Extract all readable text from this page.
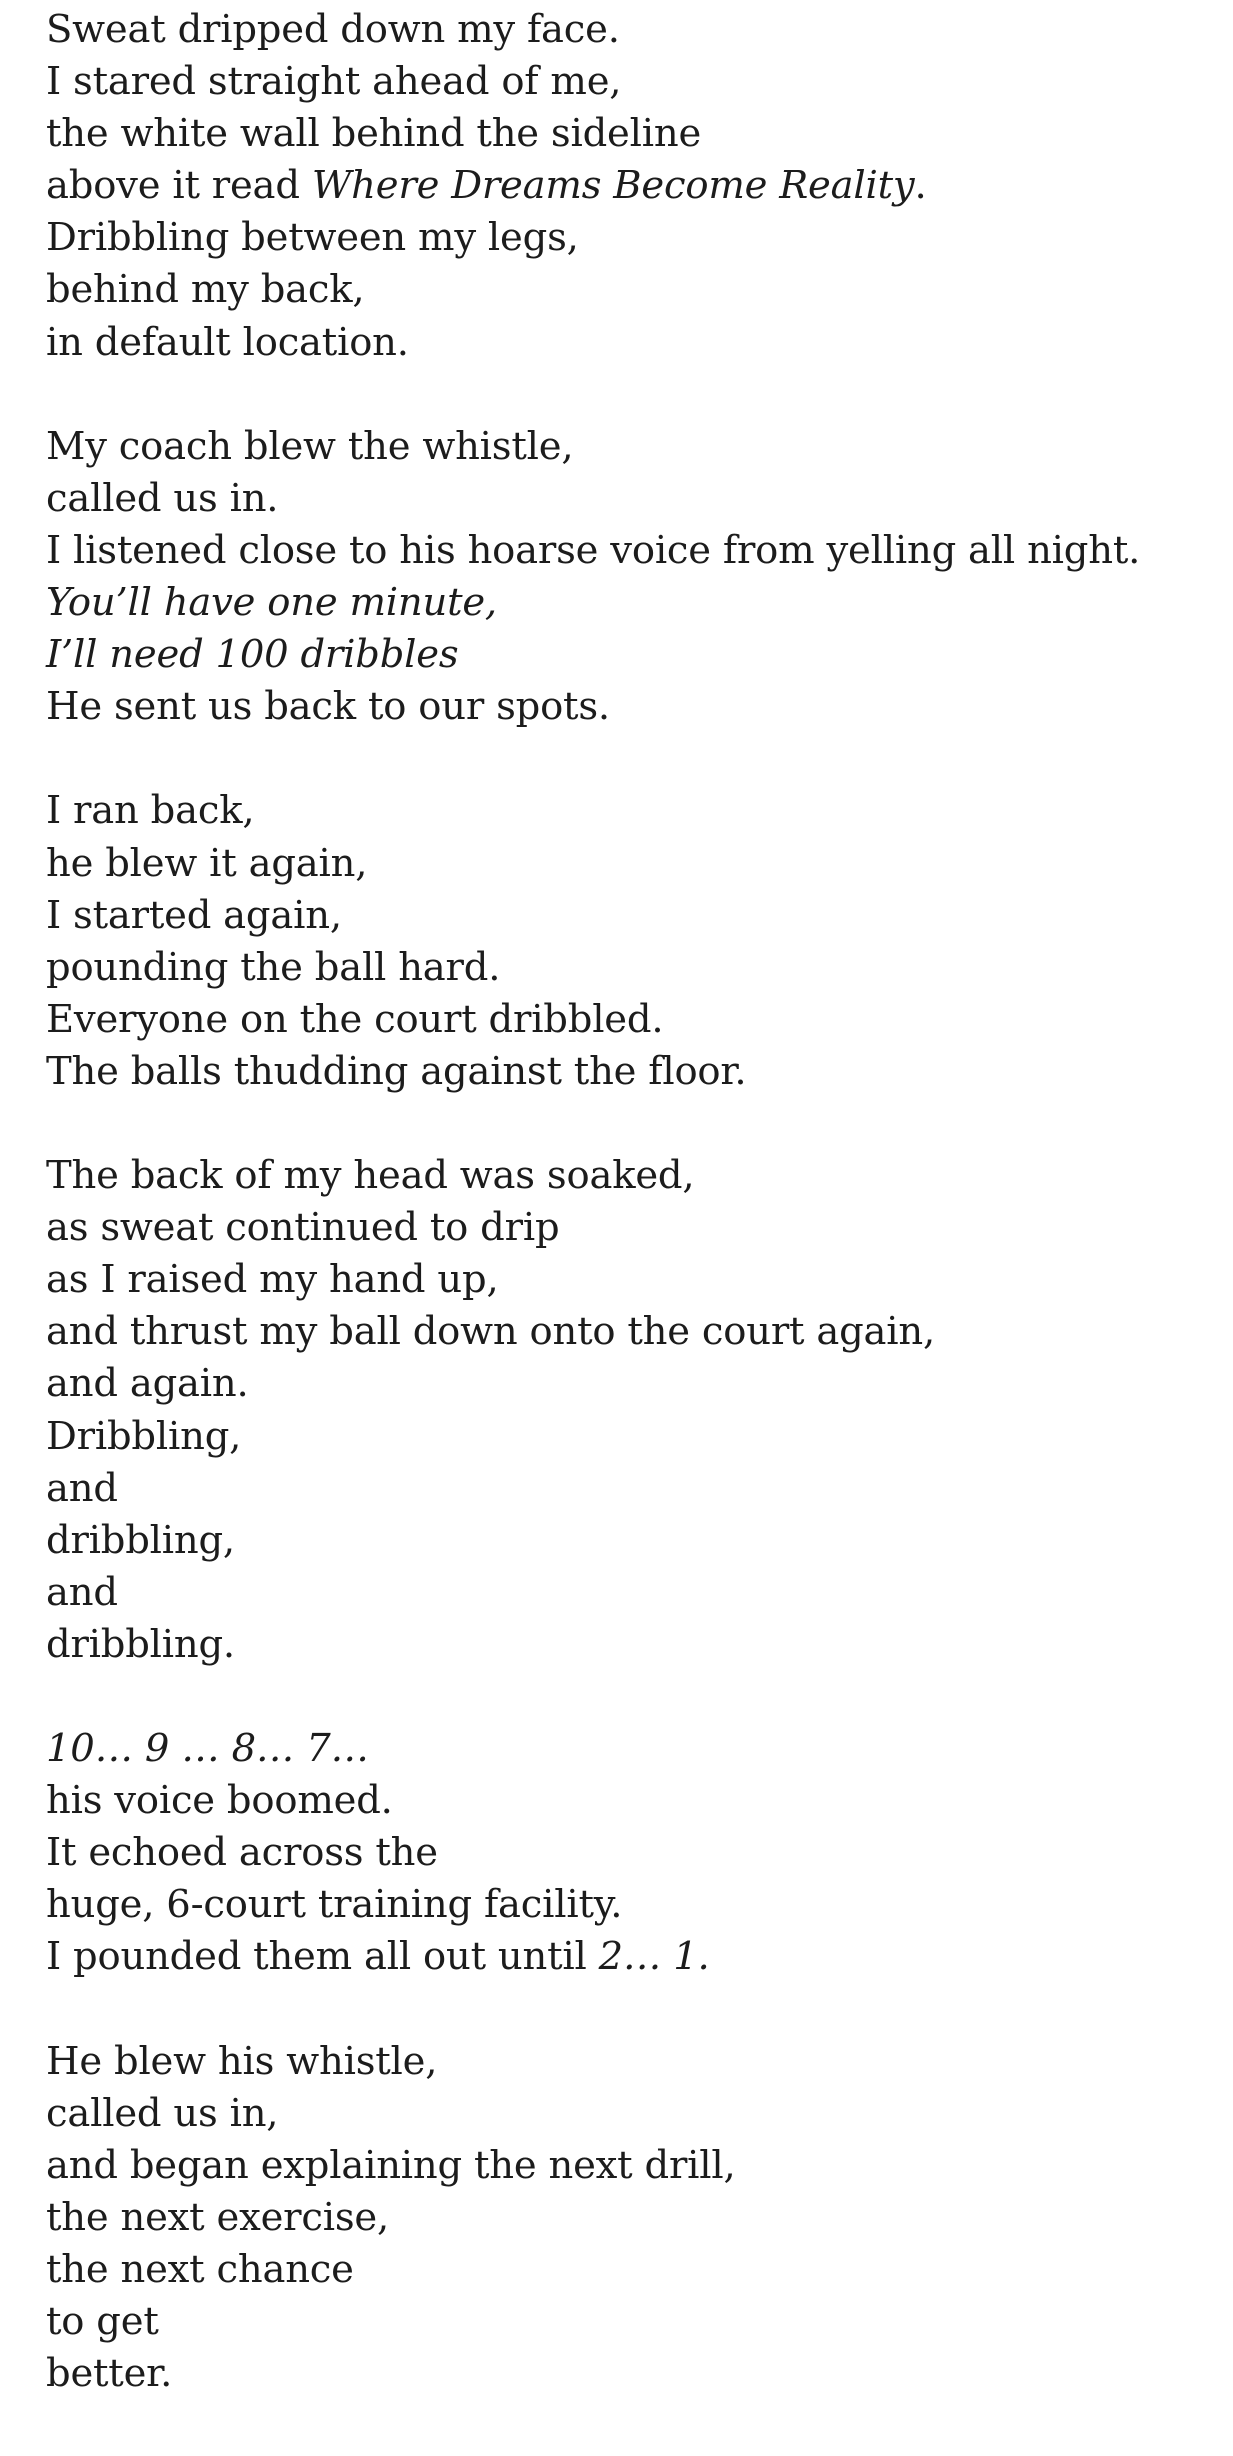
Sweat dripped down my face.
I stared straight ahead of me,
the white wall behind the sideline
above it read Where Dreams Become Reality.
Dribbling between my legs,
behind my back,
in default location.
My coach blew the whistle,
called us in.
I listened close to his hoarse voice from yelling all night.
You’ll have one minute,
I’ll need 100 dribbles
He sent us back to our spots.
I ran back,
he blew it again,
I started again,
pounding the ball hard.
Everyone on the court dribbled.
The balls thudding against the floor.
The back of my head was soaked,
as sweat continued to drip
as I raised my hand up,
and thrust my ball down onto the court again,
and again.
Dribbling,
and
dribbling,
and
dribbling.
10… 9 … 8… 7…
his voice boomed.
It echoed across the
huge, 6-court training facility.
I pounded them all out until 2… 1.
He blew his whistle,
called us in,
and began explaining the next drill,
the next exercise,
the next chance
to get
better.
